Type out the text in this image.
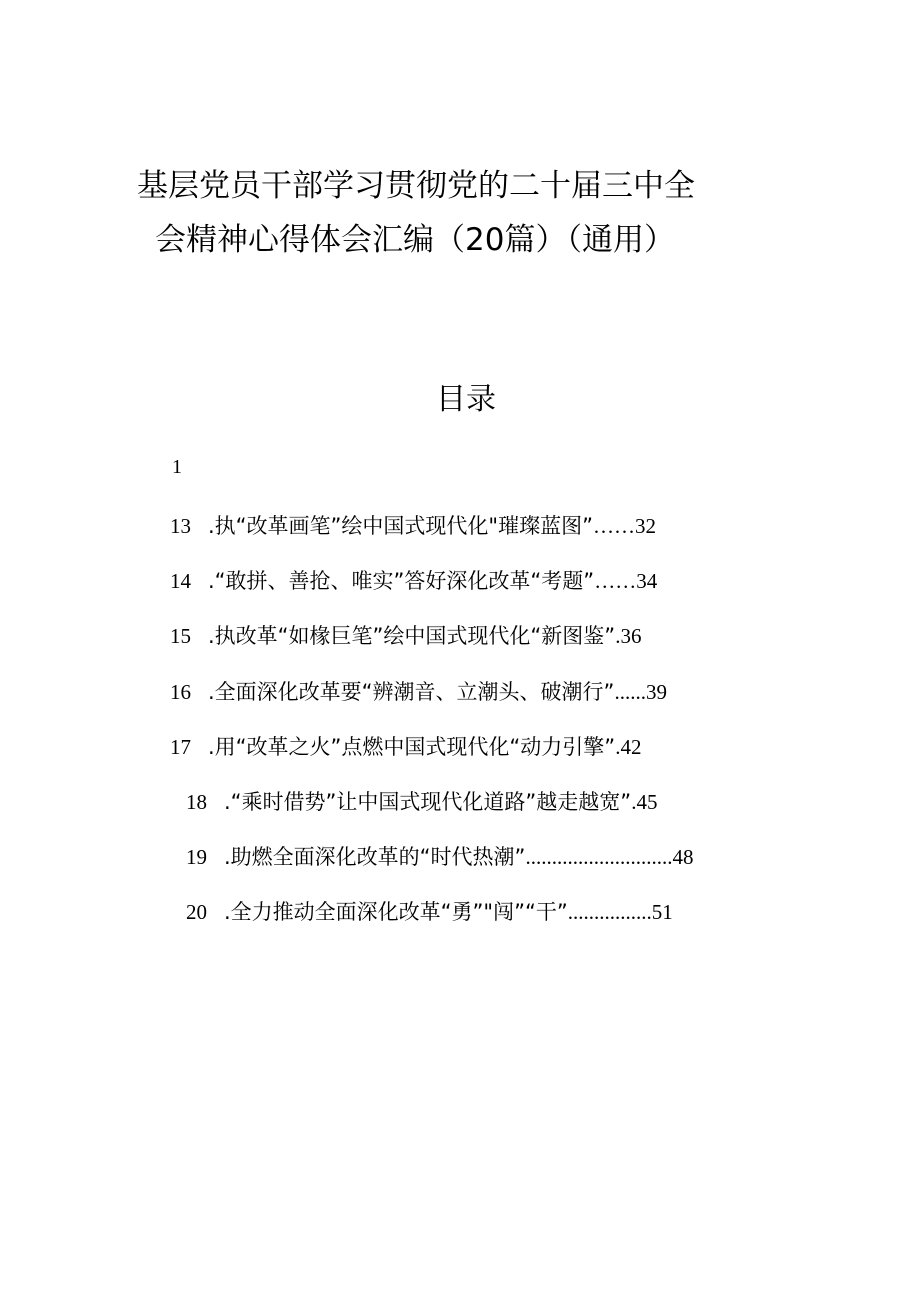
基层党员干部学习贯彻党的二十届三中全
会精神心得体会汇编（20篇）（通用）
目录
1
13 .执“改革画笔”绘中国式现代化"璀璨蓝图” ……32
14 .“敢拼、善抢、唯实”答好深化改革“考题” ……34
15 .执改革“如椽巨笔”绘中国式现代化“新图鉴” .36
16 .全面深化改革要“辨潮音、立潮头、破潮行” ......39
17 .用“改革之火”点燃中国式现代化“动力引擎” .42
18 .“乘时借势”让中国式现代化道路”越走越宽” .45
19 .助燃全面深化改革的“时代热潮” ............................48
20 .全力推动全面深化改革“勇”"闯”“干” ................51
